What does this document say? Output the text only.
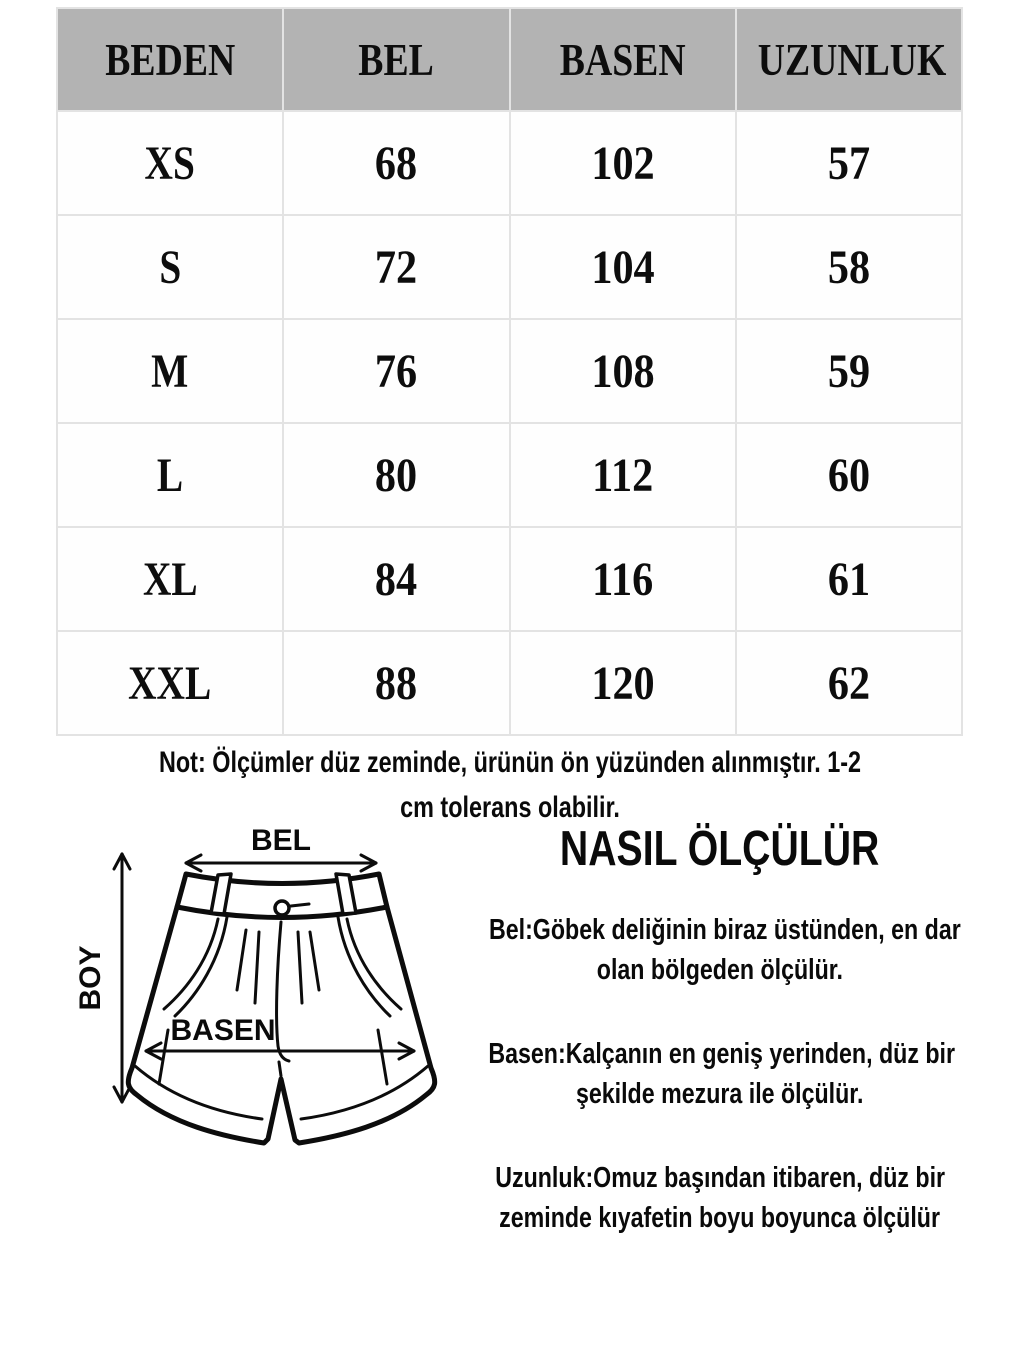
BEDEN	BEL	BASEN	UZUNLUK
XS	68	102	57
S	72	104	58
M	76	108	59
L	80	112	60
XL	84	116	61
XXL	88	120	62
Not: Ölçümler düz zeminde, ürünün ön yüzünden alınmıştır. 1-2
cm tolerans olabilir.
BEL
BOY
BASEN
NASIL ÖLÇÜLÜR
Bel:Göbek deliğinin biraz üstünden, en dar
olan bölgeden ölçülür.
Basen:Kalçanın en geniş yerinden, düz bir
şekilde mezura ile ölçülür.
Uzunluk:Omuz başından itibaren, düz bir
zeminde kıyafetin boyu boyunca ölçülür
